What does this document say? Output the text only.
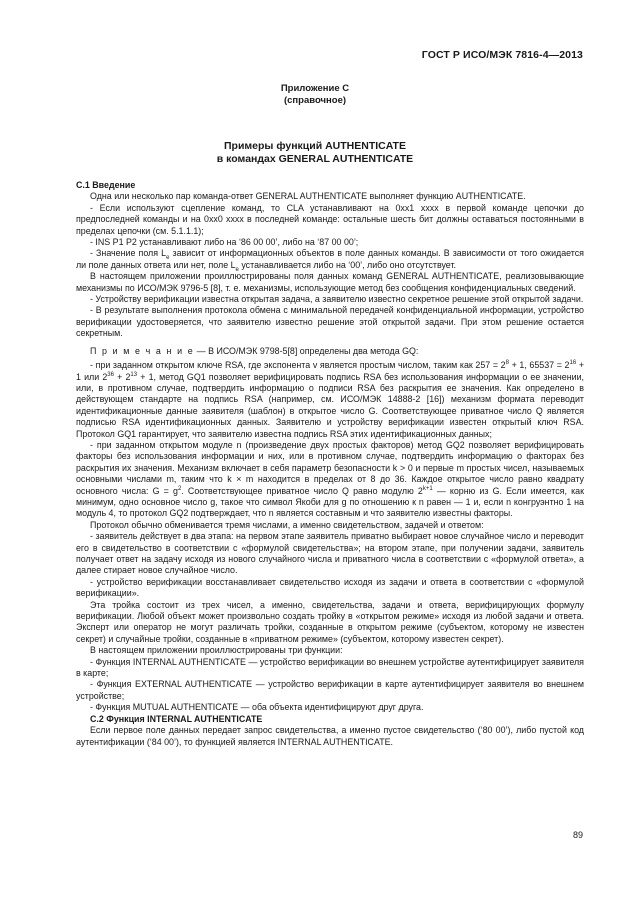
ГОСТ Р ИСО/МЭК 7816-4—2013
Приложение С
(справочное)
Примеры функций AUTHENTICATE
в командах GENERAL AUTHENTICATE

С.1 Введение

Одна или несколько пар команда-ответ GENERAL AUTHENTICATE выполняет функцию AUTHENTICATE.

- Если используют сцепление команд, то CLA устанавливают на 0xx1 xxxx в первой команде цепочки до предпоследней команды и на 0xx0 xxxx в последней команде: остальные шесть бит должны оставаться постоянными в пределах цепочки (см. 5.1.1.1);

- INS P1 P2 устанавливают либо на ‘86 00 00’, либо на ‘87 00 00’;

- Значение поля $L_e$ зависит от информационных объектов в поле данных команды. В зависимости от того ожидается ли поле данных ответа или нет, поле $L_e$ устанавливается либо на ‘00’, либо оно отсутствует.

В настоящем приложении проиллюстрированы поля данных команд GENERAL AUTHENTICATE, реализовывающие механизмы по ИСО/МЭК 9796-5 [8], т. е. механизмы, использующие метод без сообщения конфиденциальных сведений.

- Устройству верификации известна открытая задача, а заявителю известно секретное решение этой открытой задачи.

- В результате выполнения протокола обмена с минимальной передачей конфиденциальной информации, устройство верификации удостоверяется, что заявителю известно решение этой открытой задачи. При этом решение остается секретным.

П р и м е ч а н и е — В ИСО/МЭК 9798-5[8] определены два метода GQ:

- при заданном открытом ключе RSA, где экспонента v является простым числом, таким как $257 = 2^8 + 1$, $65537 = 2^{16} + 1$ или $2^{36} + 2^{13} + 1$, метод GQ1 позволяет верифицировать подпись RSA без использования информации о ее значении, или, в противном случае, подтвердить информацию о подписи RSA без раскрытия ее значения. Как определено в действующем стандарте на подпись RSA (например, см. ИСО/МЭК 14888-2 [16]) механизм формата переводит идентификационные данные заявителя (шаблон) в открытое число G. Соответствующее приватное число Q является подписью RSA идентификационных данных. Заявителю и устройству верификации известен открытый ключ RSA. Протокол GQ1 гарантирует, что заявителю известна подпись RSA этих идентификационных данных;

- при заданном открытом модуле n (произведение двух простых факторов) метод GQ2 позволяет верифицировать факторы без использования информации и них, или в противном случае, подтвердить информацию о факторах без раскрытия их значения. Механизм включает в себя параметр безопасности k > 0 и первые m простых чисел, называемых основными числами m, таким что k × m находится в пределах от 8 до 36. Каждое открытое число равно квадрату основного числа: $G = g^2$. Соответствующее приватное число Q равно модулю $2^{k+1}$ — корню из G. Если имеется, как минимум, одно основное число g, такое что символ Якоби для g по отношению к n равен — 1 и, если n конгруэнтно 1 на модуль 4, то протокол GQ2 подтверждает, что n является составным и что заявителю известны факторы.

Протокол обычно обменивается тремя числами, а именно свидетельством, задачей и ответом:

- заявитель действует в два этапа: на первом этапе заявитель приватно выбирает новое случайное число и переводит его в свидетельство в соответствии с «формулой свидетельства»; на втором этапе, при получении задачи, заявитель получает ответ на задачу исходя из нового случайного числа и приватного числа в соответствии с «формулой ответа», а далее стирает новое случайное число.

- устройство верификации восстанавливает свидетельство исходя из задачи и ответа в соответствии с «формулой верификации».

Эта тройка состоит из трех чисел, а именно, свидетельства, задачи и ответа, верифицирующих формулу верификации. Любой объект может произвольно создать тройку в «открытом режиме» исходя из любой задачи и ответа. Эксперт или оператор не могут различать тройки, созданные в открытом режиме (субъектом, которому не известен секрет) и случайные тройки, созданные в «приватном режиме» (субъектом, которому известен секрет).

В настоящем приложении проиллюстрированы три функции:

- Функция INTERNAL AUTHENTICATE — устройство верификации во внешнем устройстве аутентифицирует заявителя в карте;

- Функция EXTERNAL AUTHENTICATE — устройство верификации в карте аутентифицирует заявителя во внешнем устройстве;

- Функция MUTUAL AUTHENTICATE — оба объекта идентифицируют друг друга.

С.2 Функция INTERNAL AUTHENTICATE

Если первое поле данных передает запрос свидетельства, а именно пустое свидетельство (‘80 00’), либо пустой код аутентификации (‘84 00’), то функцией является INTERNAL AUTHENTICATE.

89
